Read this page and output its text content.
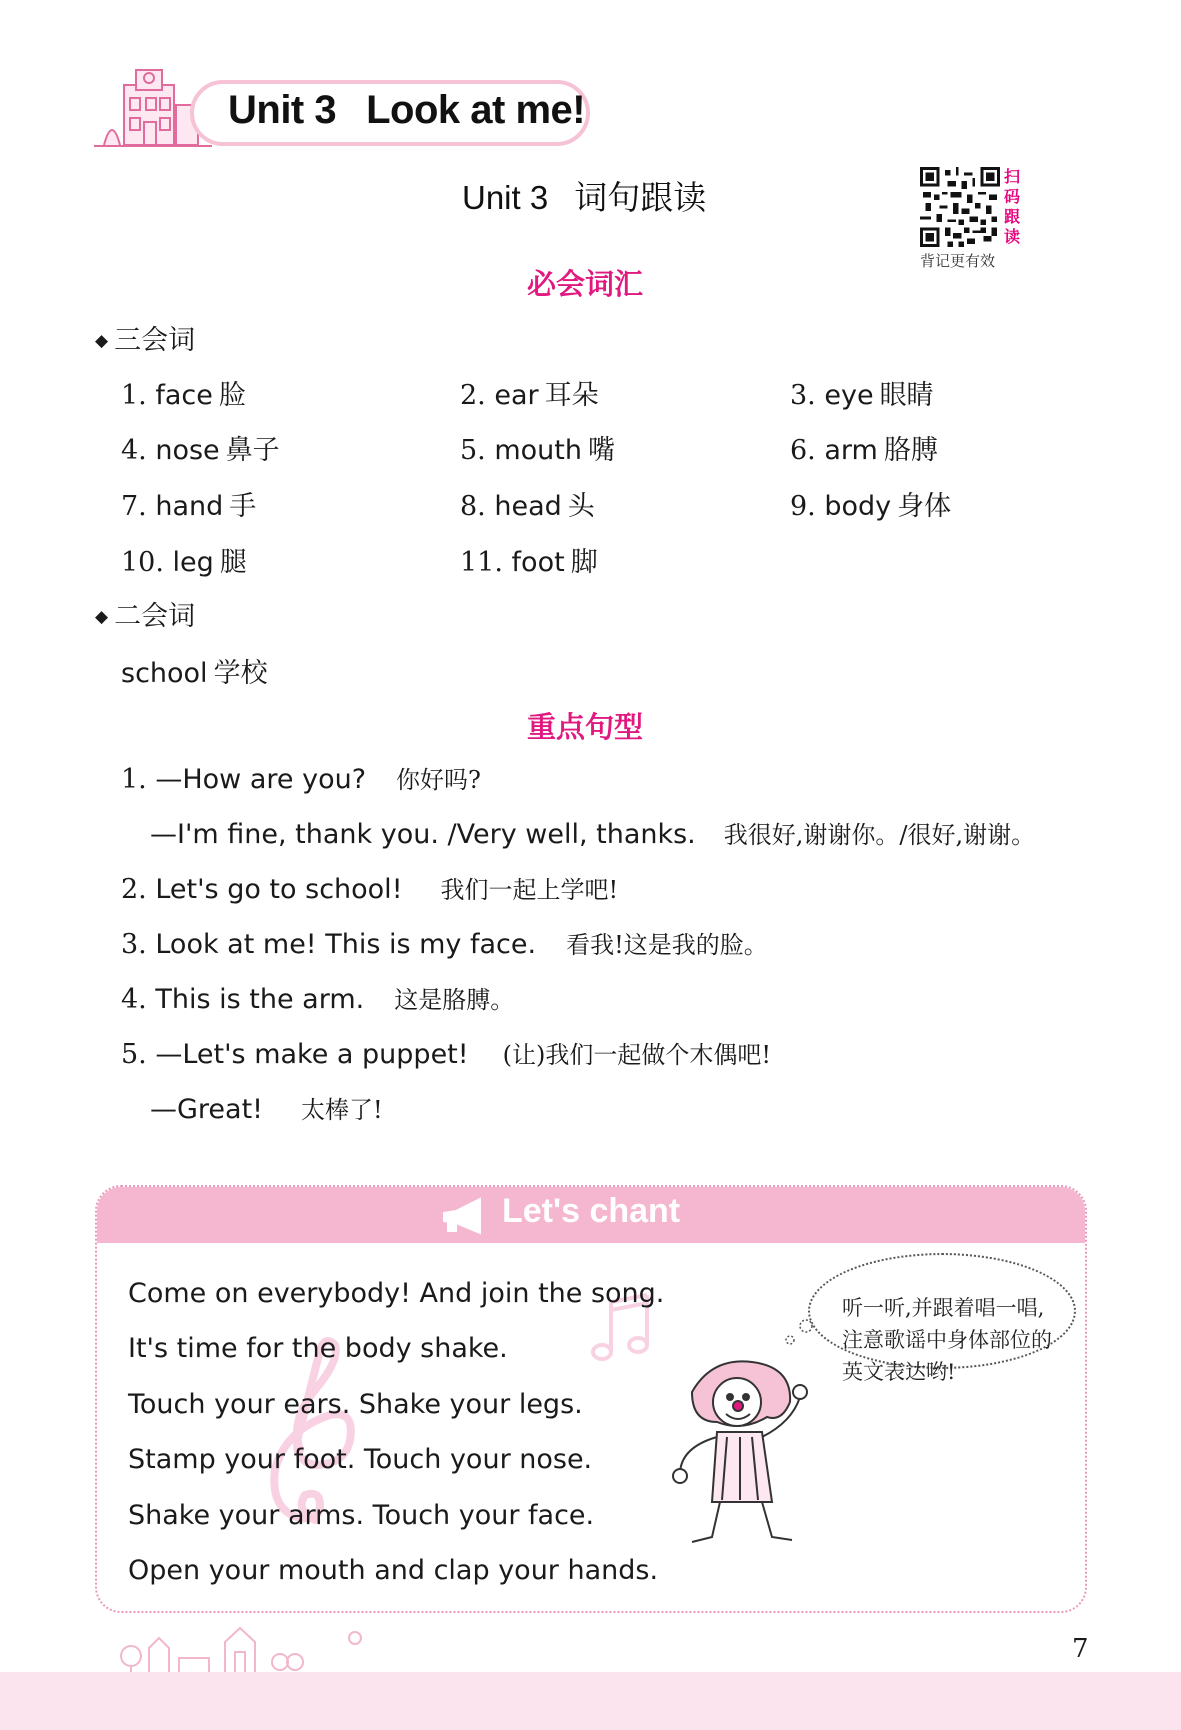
Unit 3 Look at me!
Unit 3 词句跟读
扫
码
跟
读
背记更有效
必会词汇
◆ 三会词
1. face 脸	2. ear 耳朵	3. eye 眼睛
4. nose 鼻子	5. mouth 嘴	6. arm 胳膊
7. hand 手	8. head 头	9. body 身体
10. leg 腿	11. foot 脚
◆ 二会词
school 学校
重点句型
1. —How are you? 你好吗?
—I'm fine, thank you. /Very well, thanks. 我很好,谢谢你。/很好,谢谢。
2. Let's go to school! 我们一起上学吧!
3. Look at me! This is my face. 看我!这是我的脸。
4. This is the arm. 这是胳膊。
5. —Let's make a puppet! (让)我们一起做个木偶吧!
—Great! 太棒了!
Let's chant
Come on everybody! And join the song.
It's time for the body shake.
Touch your ears. Shake your legs.
Stamp your foot. Touch your nose.
Shake your arms. Touch your face.
Open your mouth and clap your hands.
听一听,并跟着唱一唱,注意歌谣中身体部位的英文表达哟!
7
